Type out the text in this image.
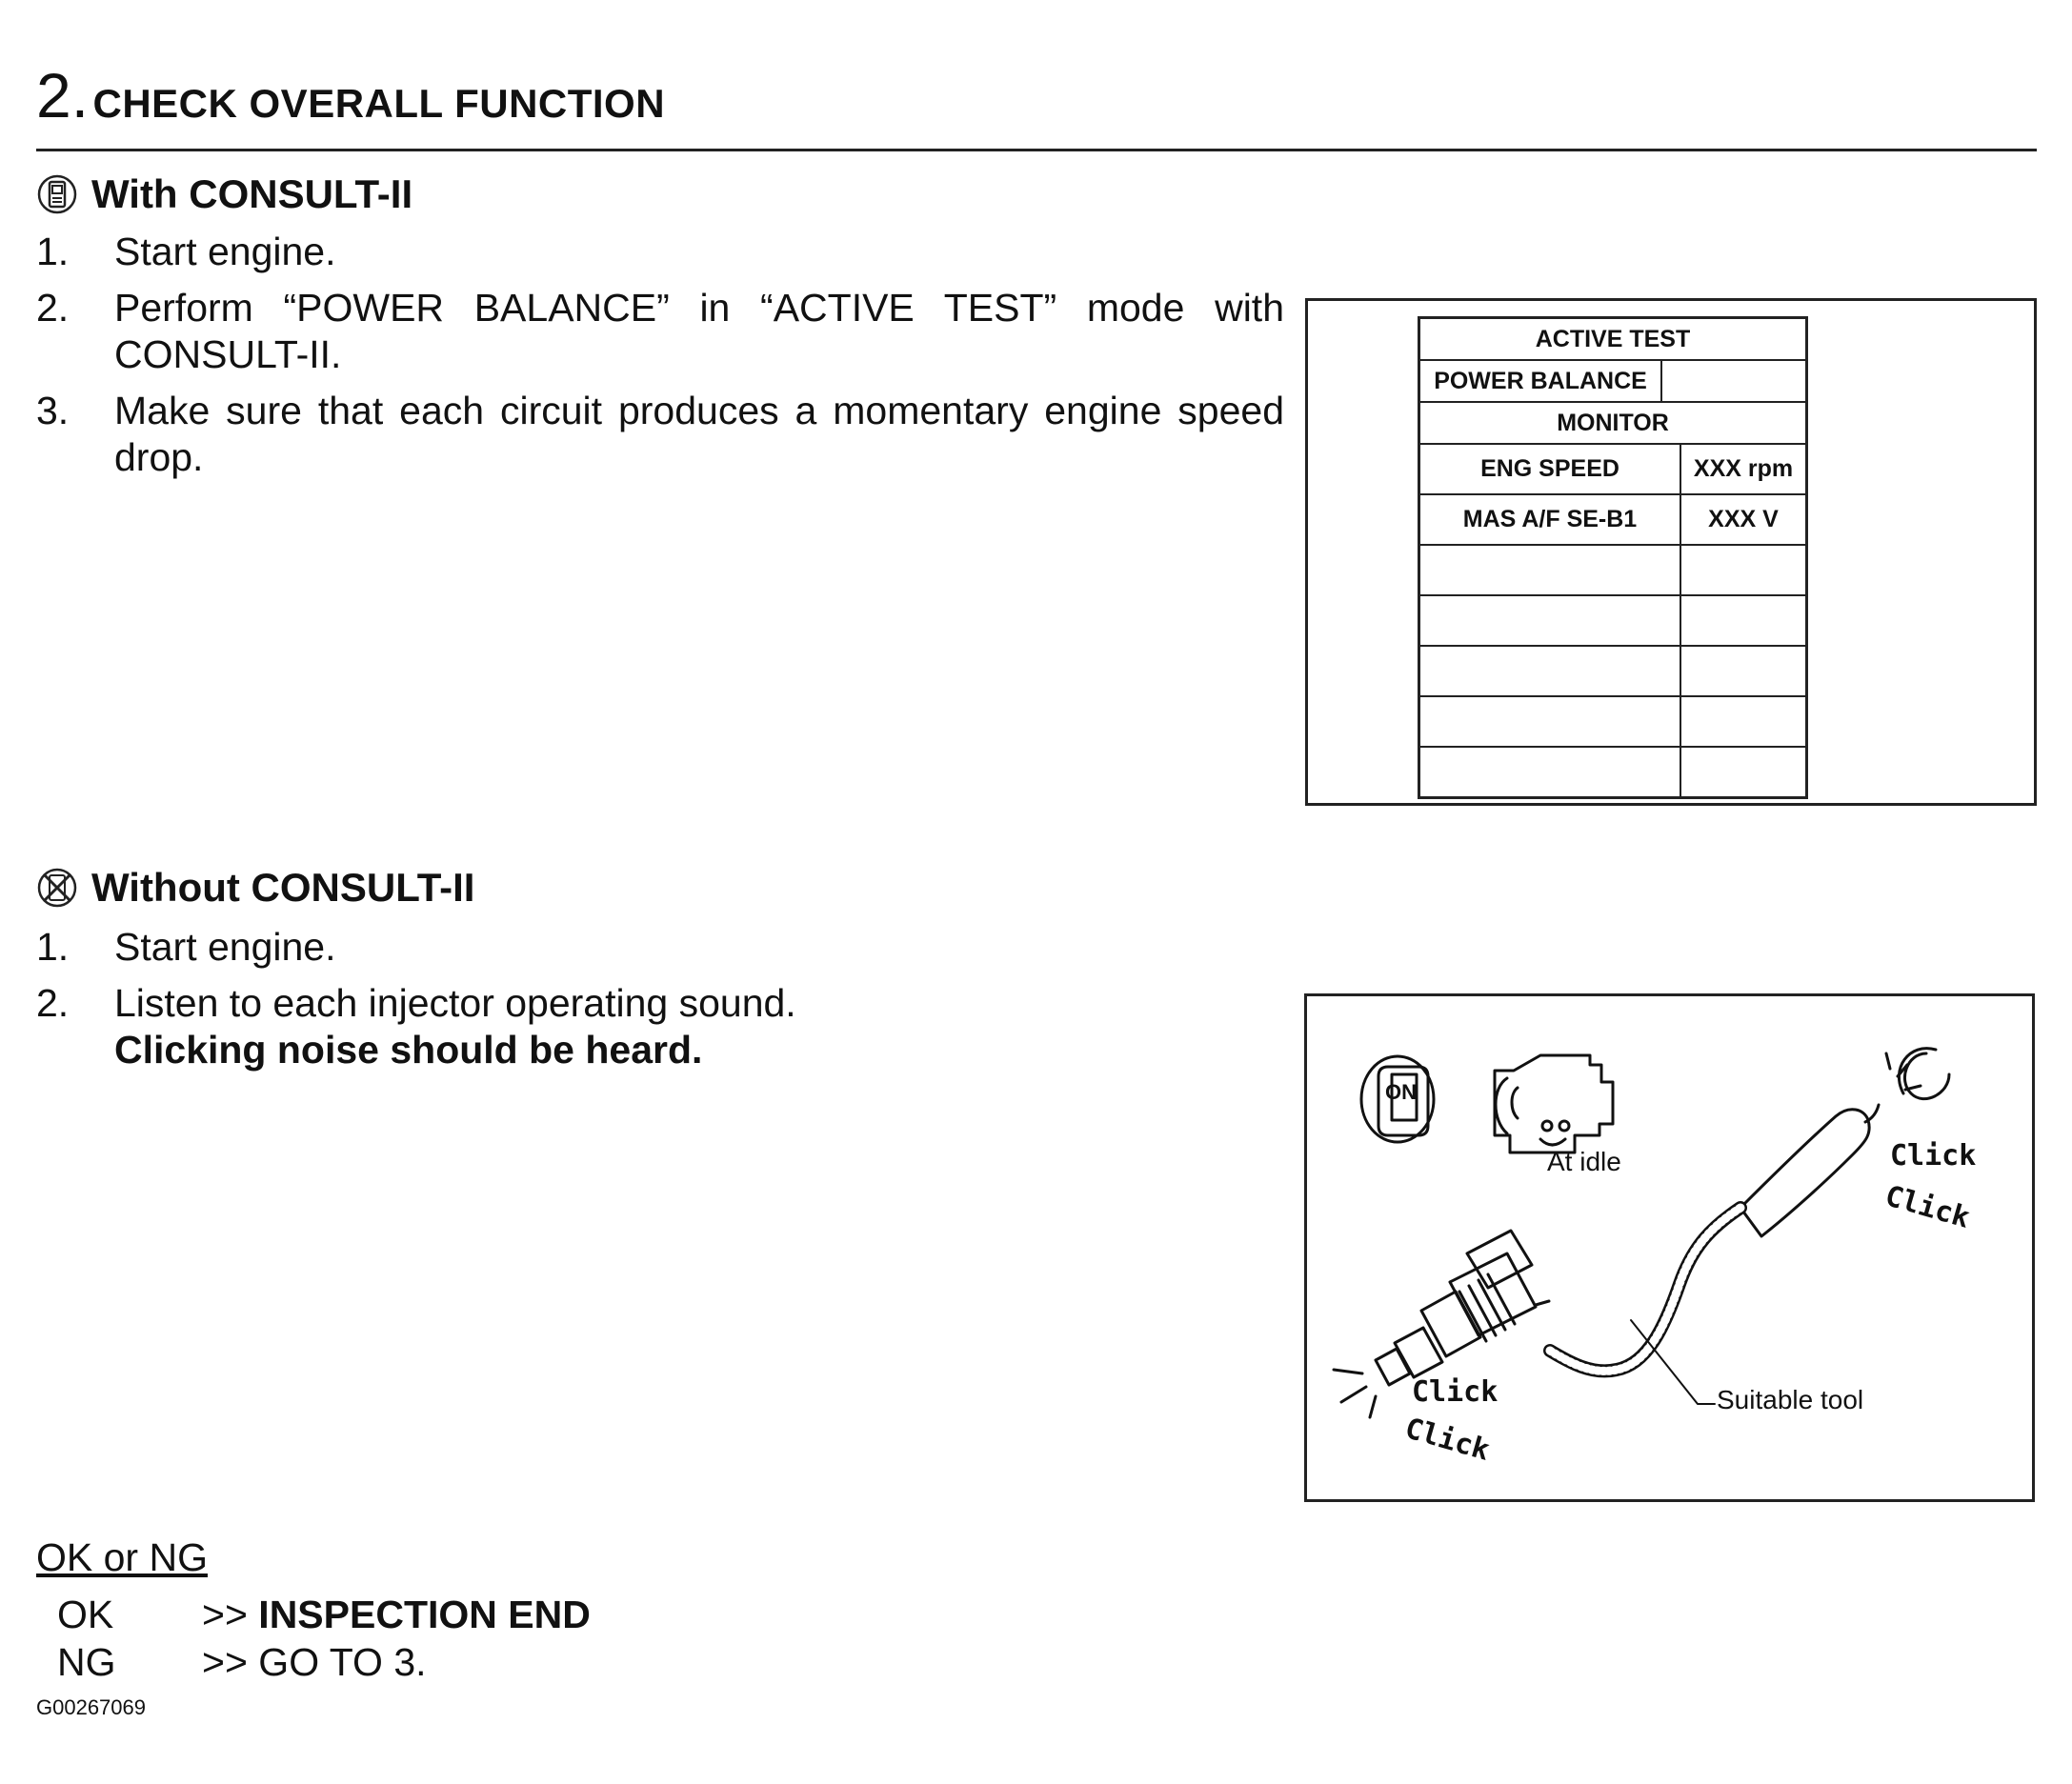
2. CHECK OVERALL FUNCTION
With CONSULT-II
1.	Start engine.
2.	Perform “POWER BALANCE” in “ACTIVE TEST” mode with CONSULT-II.
3.	Make sure that each circuit produces a momentary engine speed drop.
ACTIVE TEST
POWER BALANCE
MONITOR
ENG SPEED	XXX rpm
MAS A/F SE-B1	XXX V
Without CONSULT-II
1.	Start engine.
2.	Listen to each injector operating sound.
Clicking noise should be heard.
ON
At idle	Click
Click
Click
Click
Suitable tool
OK or NG
OK	>> INSPECTION END
NG	>> GO TO 3.
G00267069
